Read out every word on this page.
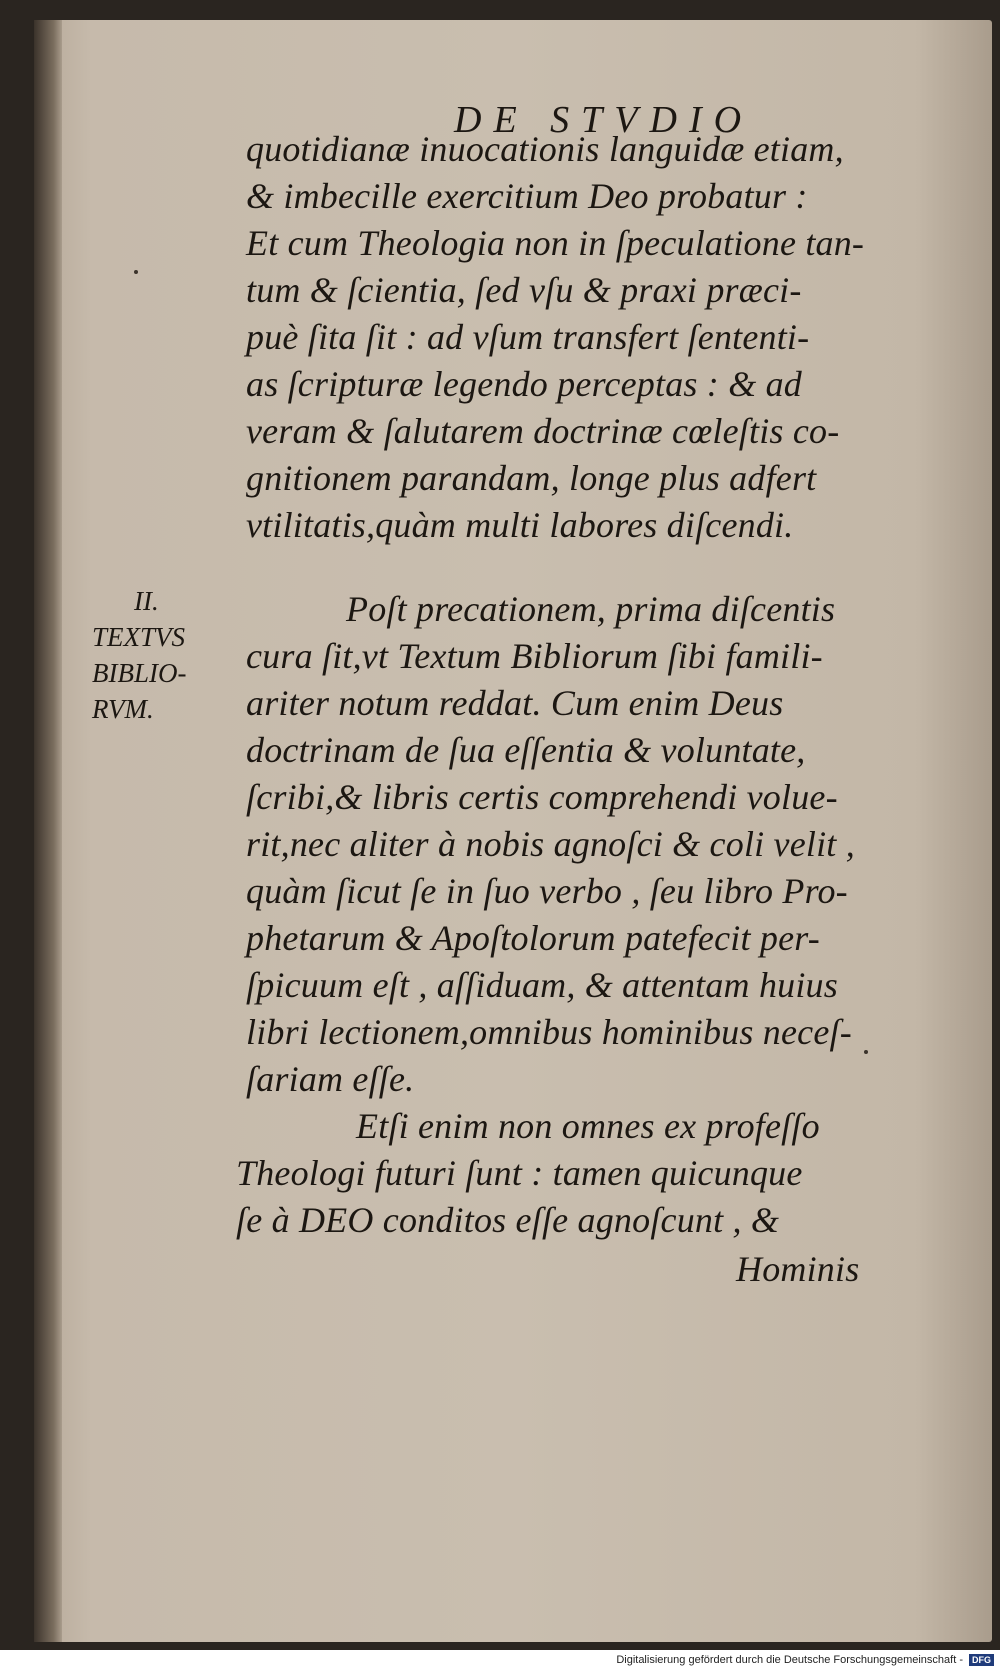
DE STVDIO
quotidianæ inuocationis languidæ etiam,
& imbecille exercitium Deo probatur :
Et cum Theologia non in ſpeculatione tan-
tum & ſcientia, ſed vſu & praxi præci-
puè ſita ſit : ad vſum transfert ſententi-
as ſcripturæ legendo perceptas : & ad
veram & ſalutarem doctrinæ cœleſtis co-
gnitionem parandam, longe plus adfert
vtilitatis,quàm multi labores diſcendi.
II.
TEXTVS
BIBLIO-
RVM.
Poſt precationem, prima diſcentis
cura ſit,vt Textum Bibliorum ſibi famili-
ariter notum reddat. Cum enim Deus
doctrinam de ſua eſſentia & voluntate,
ſcribi,& libris certis comprehendi volue-
rit,nec aliter à nobis agnoſci & coli velit ,
quàm ſicut ſe in ſuo verbo , ſeu libro Pro-
phetarum & Apoſtolorum patefecit per-
ſpicuum eſt , aſſiduam, & attentam huius
libri lectionem,omnibus hominibus neceſ-
ſariam eſſe.
Etſi enim non omnes ex profeſſo
Theologi futuri ſunt : tamen quicunque
ſe à DEO conditos eſſe agnoſcunt , &
Hominis
Digitalisierung gefördert durch die Deutsche Forschungsgemeinschaft -	DFG
